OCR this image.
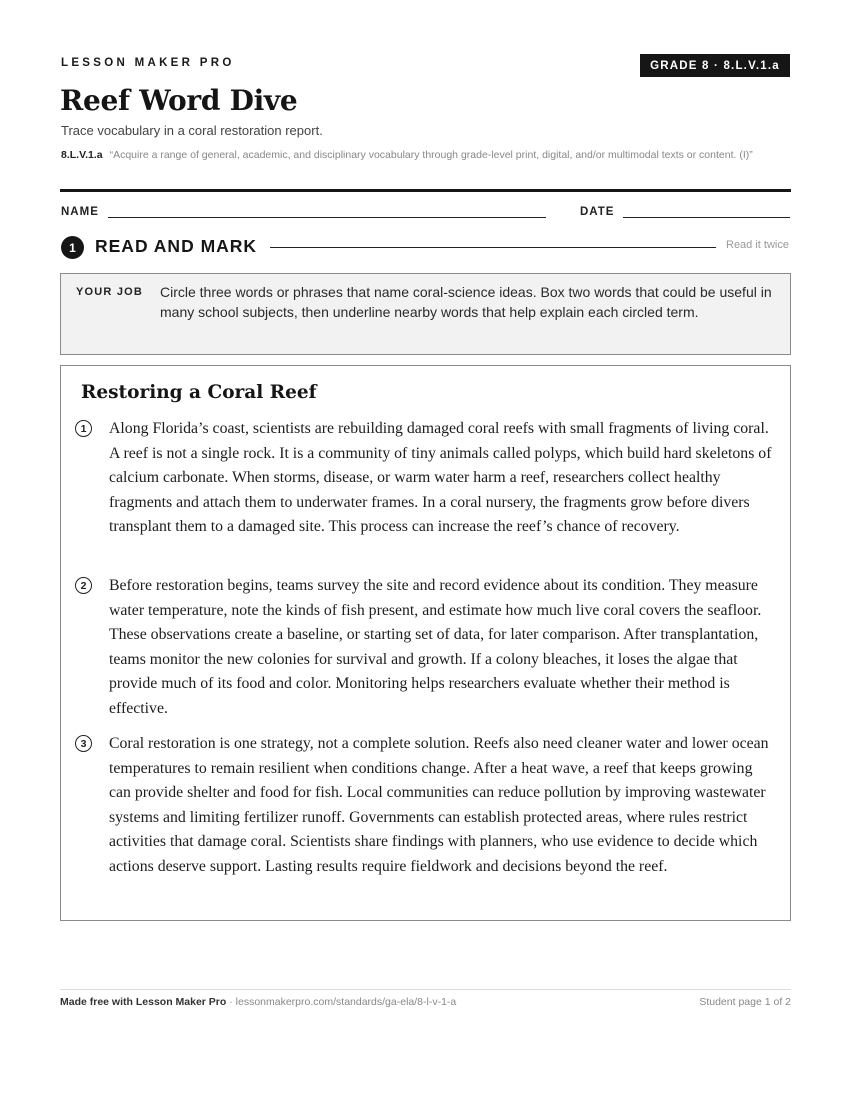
LESSON MAKER PRO	GRADE 8 · 8.L.V.1.a
Reef Word Dive
Trace vocabulary in a coral restoration report.
8.L.V.1.a “Acquire a range of general, academic, and disciplinary vocabulary through grade-level print, digital, and/or multimodal texts or content. (I)”
NAME	DATE
1	READ AND MARK	Read it twice
YOUR JOB Circle three words or phrases that name coral-science ideas. Box two words that could be useful in many school subjects, then underline nearby words that help explain each circled term.
Restoring a Coral Reef
1	Along Florida’s coast, scientists are rebuilding damaged coral reefs with small fragments of living coral. A reef is not a single rock. It is a community of tiny animals called polyps, which build hard skeletons of calcium carbonate. When storms, disease, or warm water harm a reef, researchers collect healthy fragments and attach them to underwater frames. In a coral nursery, the fragments grow before divers transplant them to a damaged site. This process can increase the reef’s chance of recovery.

2	Before restoration begins, teams survey the site and record evidence about its condition. They measure water temperature, note the kinds of fish present, and estimate how much live coral covers the seafloor. These observations create a baseline, or starting set of data, for later comparison. After transplantation, teams monitor the new colonies for survival and growth. If a colony bleaches, it loses the algae that provide much of its food and color. Monitoring helps researchers evaluate whether their method is effective.

3	Coral restoration is one strategy, not a complete solution. Reefs also need cleaner water and lower ocean temperatures to remain resilient when conditions change. After a heat wave, a reef that keeps growing can provide shelter and food for fish. Local communities can reduce pollution by improving wastewater systems and limiting fertilizer runoff. Governments can establish protected areas, where rules restrict activities that damage coral. Scientists share findings with planners, who use evidence to decide which actions deserve support. Lasting results require fieldwork and decisions beyond the reef.

Made free with Lesson Maker Pro · lessonmakerpro.com/standards/ga-ela/8-l-v-1-a	Student page 1 of 2
